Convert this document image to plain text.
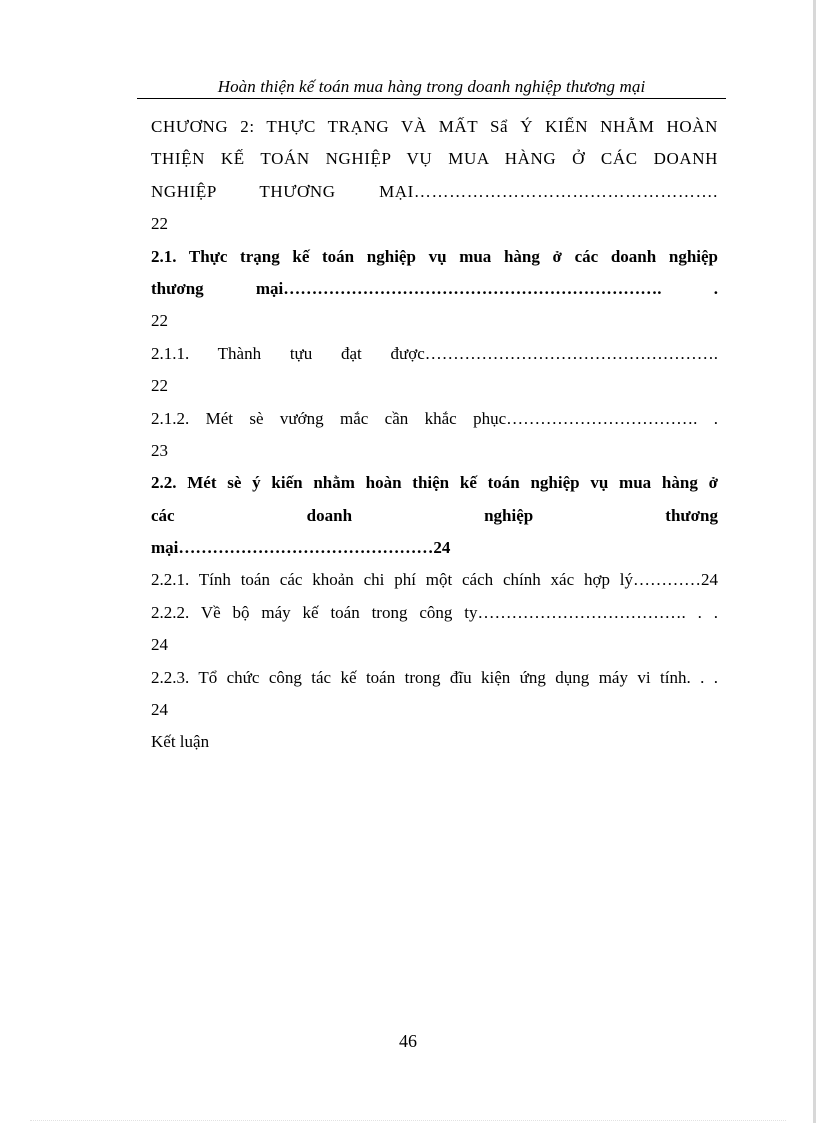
Hoàn thiện kế toán mua hàng trong doanh nghiệp thương mại
CHƯƠNG 2: THỰC TRẠNG VÀ MẤT Sẩ Ý KIẾN NHẰM HOÀN
THIỆN KẾ TOÁN NGHIỆP VỤ MUA HÀNG Ở CÁC DOANH
NGHIỆP THƯƠNG MẠI…………………………………………….
22
2.1. Thực trạng kế toán nghiệp vụ mua hàng ở các doanh nghiệp
thương mại…………………………………………………………. .
22
2.1.1. Thành tựu đạt được…………………………………………….
22
2.1.2. Mét sè vướng mắc cần khắc phục……………………………. .
23
2.2. Mét sè ý kiến nhằm hoàn thiện kế toán nghiệp vụ mua hàng ở
các doanh nghiệp thương
mại………………………………………24
2.2.1. Tính toán các khoản chi phí một cách chính xác hợp lý…………24
2.2.2. Về bộ máy kế toán trong công ty………………………………. . .
24
2.2.3. Tổ chức công tác kế toán trong đĩu kiện ứng dụng máy vi tính. . .
24
Kết luận
46
